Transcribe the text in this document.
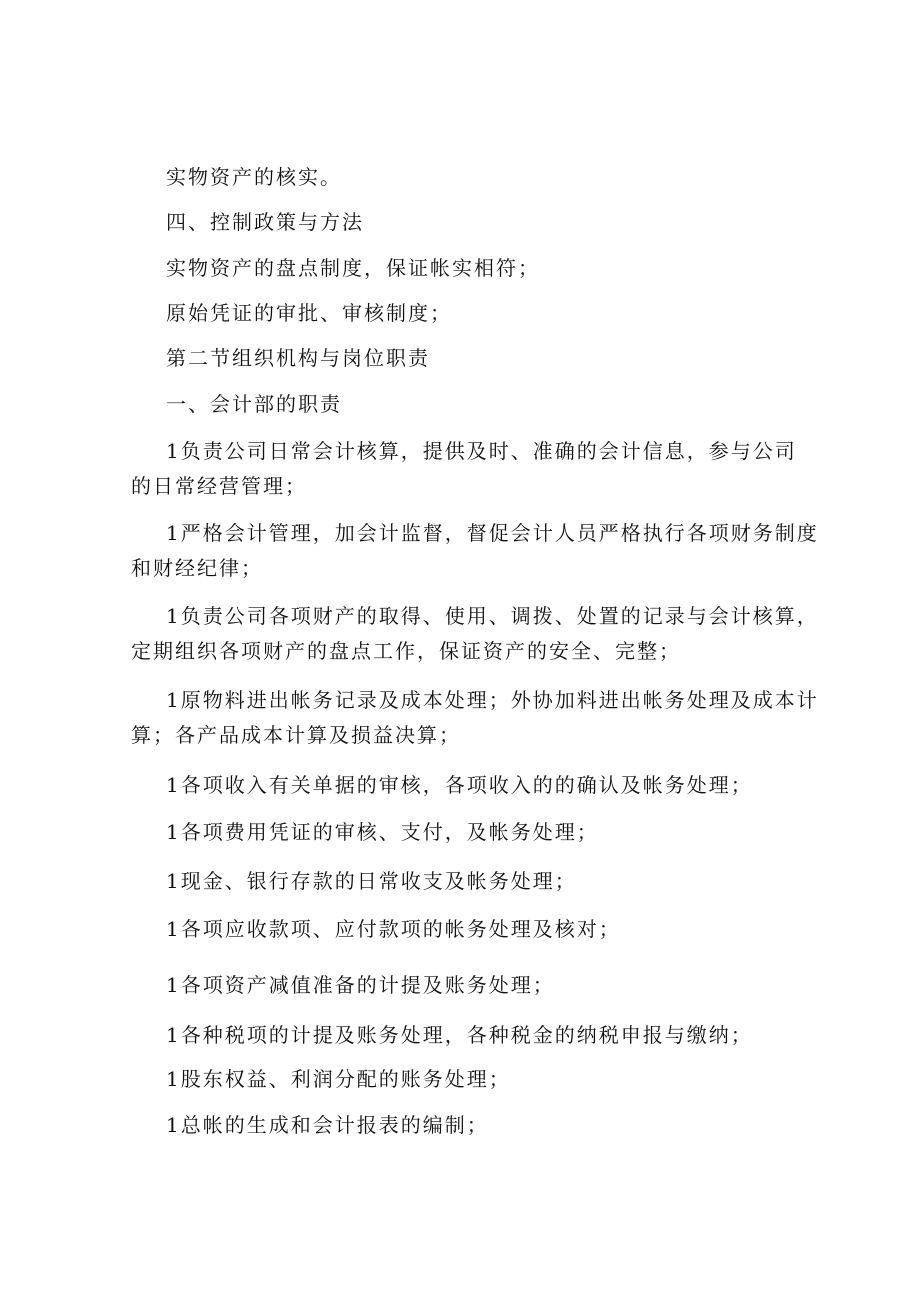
实物资产的核实。
四、控制政策与方法
实物资产的盘点制度，保证帐实相符；
原始凭证的审批、审核制度；
第二节组织机构与岗位职责
一、会计部的职责
1负责公司日常会计核算，提供及时、准确的会计信息，参与公司
的日常经营管理；
1严格会计管理，加会计监督，督促会计人员严格执行各项财务制度
和财经纪律；
1负责公司各项财产的取得、使用、调拨、处置的记录与会计核算，
定期组织各项财产的盘点工作，保证资产的安全、完整；
1原物料进出帐务记录及成本处理；外协加料进出帐务处理及成本计
算；各产品成本计算及损益决算；
1各项收入有关单据的审核，各项收入的的确认及帐务处理；
1各项费用凭证的审核、支付，及帐务处理；
1现金、银行存款的日常收支及帐务处理；
1各项应收款项、应付款项的帐务处理及核对；
1各项资产减值准备的计提及账务处理；
1各种税项的计提及账务处理，各种税金的纳税申报与缴纳；
1股东权益、利润分配的账务处理；
1总帐的生成和会计报表的编制；
